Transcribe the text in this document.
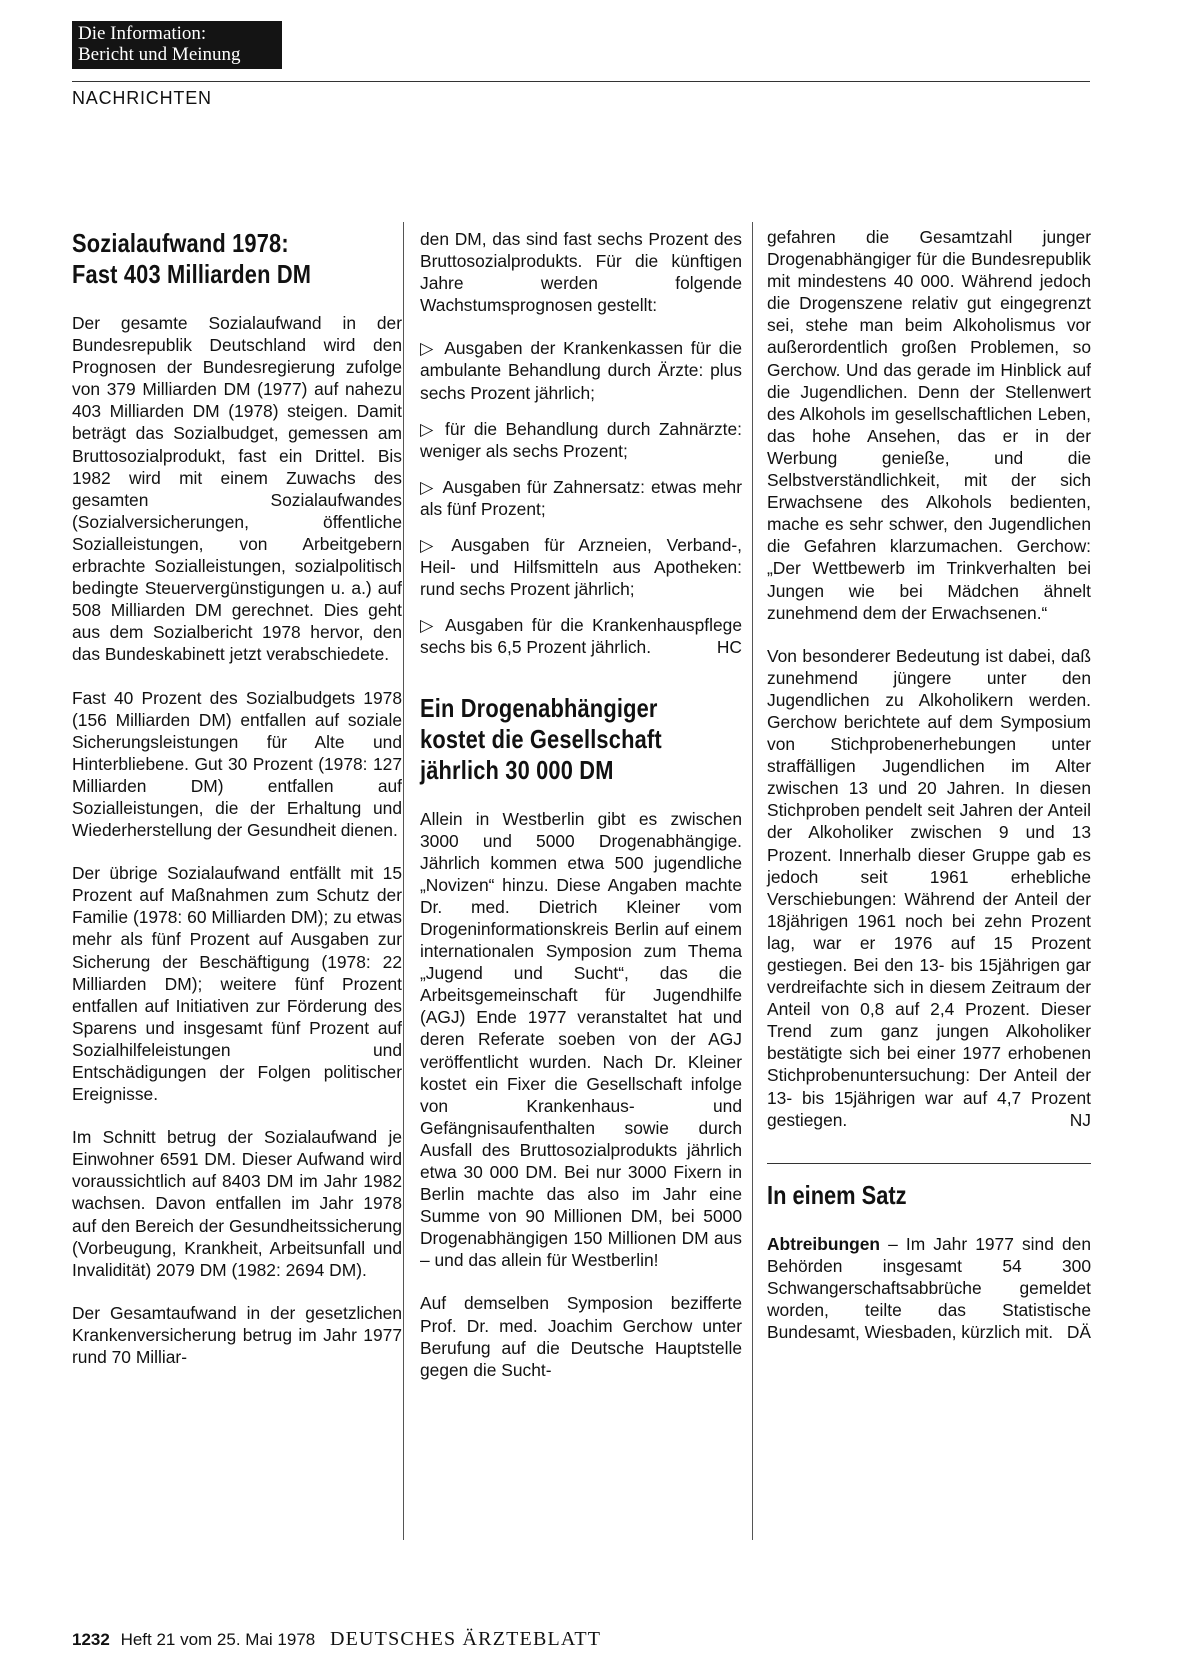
Die Information:
Bericht und Meinung
NACHRICHTEN
Sozialaufwand 1978:
Fast 403 Milliarden DM

Der gesamte Sozialaufwand in der Bundesrepublik Deutschland wird den Prognosen der Bundesregierung zufolge von 379 Milliarden DM (1977) auf nahezu 403 Milliarden DM (1978) steigen. Damit beträgt das Sozialbudget, gemessen am Bruttosozialprodukt, fast ein Drittel. Bis 1982 wird mit einem Zuwachs des gesamten Sozialaufwandes (Sozialversicherungen, öffentliche Sozialleistungen, von Arbeitgebern erbrachte Sozialleistungen, sozialpolitisch bedingte Steuervergünstigungen u. a.) auf 508 Milliarden DM gerechnet. Dies geht aus dem Sozialbericht 1978 hervor, den das Bundeskabinett jetzt verabschiedete.

Fast 40 Prozent des Sozialbudgets 1978 (156 Milliarden DM) entfallen auf soziale Sicherungsleistungen für Alte und Hinterbliebene. Gut 30 Prozent (1978: 127 Milliarden DM) entfallen auf Sozialleistungen, die der Erhaltung und Wiederherstellung der Gesundheit dienen.

Der übrige Sozialaufwand entfällt mit 15 Prozent auf Maßnahmen zum Schutz der Familie (1978: 60 Milliarden DM); zu etwas mehr als fünf Prozent auf Ausgaben zur Sicherung der Beschäftigung (1978: 22 Milliarden DM); weitere fünf Prozent entfallen auf Initiativen zur Förderung des Sparens und insgesamt fünf Prozent auf Sozialhilfeleistungen und Entschädigungen der Folgen politischer Ereignisse.

Im Schnitt betrug der Sozialaufwand je Einwohner 6591 DM. Dieser Aufwand wird voraussichtlich auf 8403 DM im Jahr 1982 wachsen. Davon entfallen im Jahr 1978 auf den Bereich der Gesundheitssicherung (Vorbeugung, Krankheit, Arbeitsunfall und Invalidität) 2079 DM (1982: 2694 DM).

Der Gesamtaufwand in der gesetzlichen Krankenversicherung betrug im Jahr 1977 rund 70 Milliar-

den DM, das sind fast sechs Prozent des Bruttosozialprodukts. Für die künftigen Jahre werden folgende Wachstumsprognosen gestellt:

▷ Ausgaben der Krankenkassen für die ambulante Behandlung durch Ärzte: plus sechs Prozent jährlich;

▷ für die Behandlung durch Zahnärzte: weniger als sechs Prozent;

▷ Ausgaben für Zahnersatz: etwas mehr als fünf Prozent;

▷ Ausgaben für Arzneien, Verband-, Heil- und Hilfsmitteln aus Apotheken: rund sechs Prozent jährlich;

▷ Ausgaben für die Krankenhauspflege sechs bis 6,5 Prozent jährlich.	HC

Ein Drogenabhängiger
kostet die Gesellschaft
jährlich 30 000 DM

Allein in Westberlin gibt es zwischen 3000 und 5000 Drogenabhängige. Jährlich kommen etwa 500 jugendliche „Novizen“ hinzu. Diese Angaben machte Dr. med. Dietrich Kleiner vom Drogeninformationskreis Berlin auf einem internationalen Symposion zum Thema „Jugend und Sucht“, das die Arbeitsgemeinschaft für Jugendhilfe (AGJ) Ende 1977 veranstaltet hat und deren Referate soeben von der AGJ veröffentlicht wurden. Nach Dr. Kleiner kostet ein Fixer die Gesellschaft infolge von Krankenhaus- und Gefängnisaufenthalten sowie durch Ausfall des Bruttosozialprodukts jährlich etwa 30 000 DM. Bei nur 3000 Fixern in Berlin machte das also im Jahr eine Summe von 90 Millionen DM, bei 5000 Drogenabhängigen 150 Millionen DM aus – und das allein für Westberlin!

Auf demselben Symposion bezifferte Prof. Dr. med. Joachim Gerchow unter Berufung auf die Deutsche Hauptstelle gegen die Sucht-

gefahren die Gesamtzahl junger Drogenabhängiger für die Bundesrepublik mit mindestens 40 000. Während jedoch die Drogenszene relativ gut eingegrenzt sei, stehe man beim Alkoholismus vor außerordentlich großen Problemen, so Gerchow. Und das gerade im Hinblick auf die Jugendlichen. Denn der Stellenwert des Alkohols im gesellschaftlichen Leben, das hohe Ansehen, das er in der Werbung genieße, und die Selbstverständlichkeit, mit der sich Erwachsene des Alkohols bedienten, mache es sehr schwer, den Jugendlichen die Gefahren klarzumachen. Gerchow: „Der Wettbewerb im Trinkverhalten bei Jungen wie bei Mädchen ähnelt zunehmend dem der Erwachsenen.“

Von besonderer Bedeutung ist dabei, daß zunehmend jüngere unter den Jugendlichen zu Alkoholikern werden. Gerchow berichtete auf dem Symposium von Stichprobenerhebungen unter straffälligen Jugendlichen im Alter zwischen 13 und 20 Jahren. In diesen Stichproben pendelt seit Jahren der Anteil der Alkoholiker zwischen 9 und 13 Prozent. Innerhalb dieser Gruppe gab es jedoch seit 1961 erhebliche Verschiebungen: Während der Anteil der 18jährigen 1961 noch bei zehn Prozent lag, war er 1976 auf 15 Prozent gestiegen. Bei den 13- bis 15jährigen gar verdreifachte sich in diesem Zeitraum der Anteil von 0,8 auf 2,4 Prozent. Dieser Trend zum ganz jungen Alkoholiker bestätigte sich bei einer 1977 erhobenen Stichprobenuntersuchung: Der Anteil der 13- bis 15jährigen war auf 4,7 Prozent gestiegen.	NJ

In einem Satz

Abtreibungen – Im Jahr 1977 sind den Behörden insgesamt 54 300 Schwangerschaftsabbrüche gemeldet worden, teilte das Statistische Bundesamt, Wiesbaden, kürzlich mit. DÄ

1232 Heft 21 vom 25. Mai 1978 DEUTSCHES ÄRZTEBLATT
